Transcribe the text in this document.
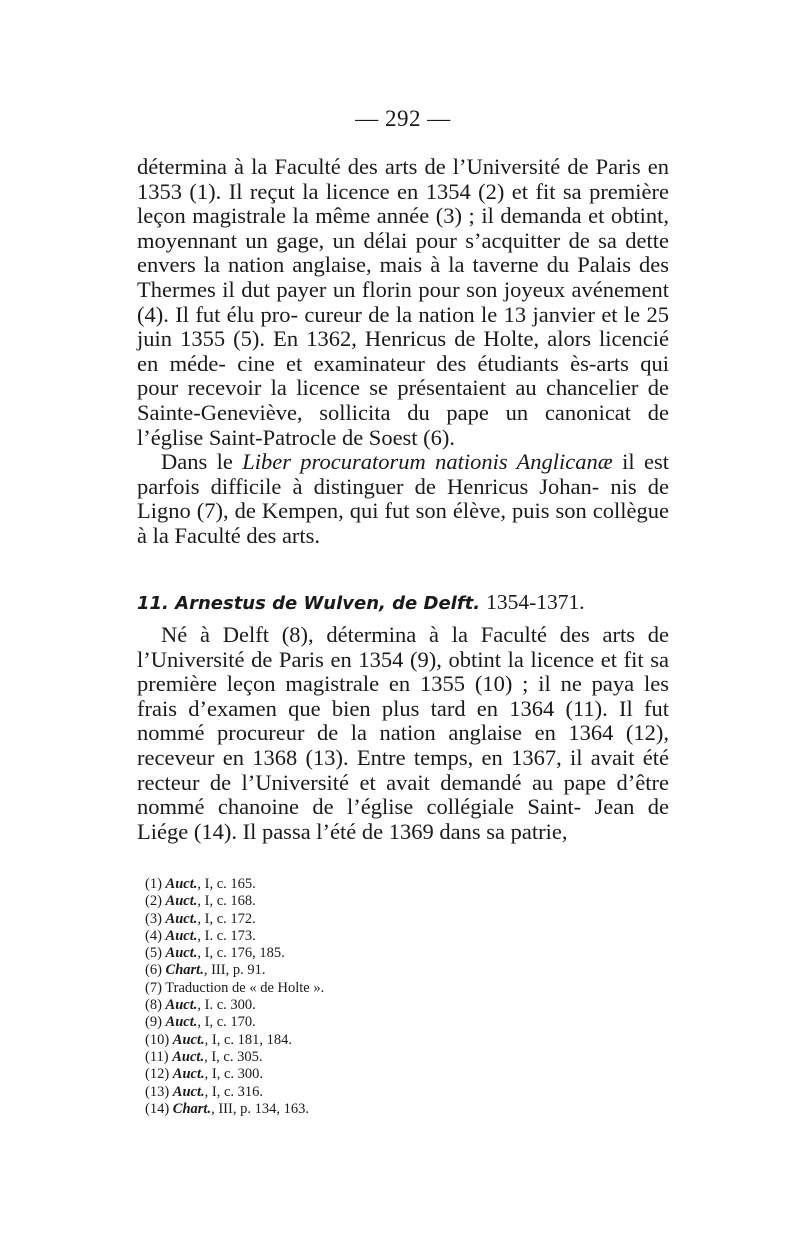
— 292 —

détermina à la Faculté des arts de l’Université de Paris en 1353 (1). Il reçut la licence en 1354 (2) et fit sa première leçon magistrale la même année (3) ; il demanda et obtint, moyennant un gage, un délai pour s’acquitter de sa dette envers la nation anglaise, mais à la taverne du Palais des Thermes il dut payer un florin pour son joyeux avénement (4). Il fut élu pro- cureur de la nation le 13 janvier et le 25 juin 1355 (5). En 1362, Henricus de Holte, alors licencié en méde- cine et examinateur des étudiants ès-arts qui pour recevoir la licence se présentaient au chancelier de Sainte-Geneviève, sollicita du pape un canonicat de l’église Saint-Patrocle de Soest (6).

Dans le Liber procuratorum nationis Anglicanæ il est parfois difficile à distinguer de Henricus Johan- nis de Ligno (7), de Kempen, qui fut son élève, puis son collègue à la Faculté des arts.

11. Arnestus de Wulven, de Delft. 1354-1371.

Né à Delft (8), détermina à la Faculté des arts de l’Université de Paris en 1354 (9), obtint la licence et fit sa première leçon magistrale en 1355 (10) ; il ne paya les frais d’examen que bien plus tard en 1364 (11). Il fut nommé procureur de la nation anglaise en 1364 (12), receveur en 1368 (13). Entre temps, en 1367, il avait été recteur de l’Université et avait demandé au pape d’être nommé chanoine de l’église collégiale Saint- Jean de Liége (14). Il passa l’été de 1369 dans sa patrie,

(1) Auct., I, c. 165.
(2) Auct., I, c. 168.
(3) Auct., I, c. 172.
(4) Auct., I. c. 173.
(5) Auct., I, c. 176, 185.
(6) Chart., III, p. 91.
(7) Traduction de « de Holte ».
(8) Auct., I. c. 300.
(9) Auct., I, c. 170.
(10) Auct., I, c. 181, 184.
(11) Auct., I, c. 305.
(12) Auct., I, c. 300.
(13) Auct., I, c. 316.
(14) Chart., III, p. 134, 163.
